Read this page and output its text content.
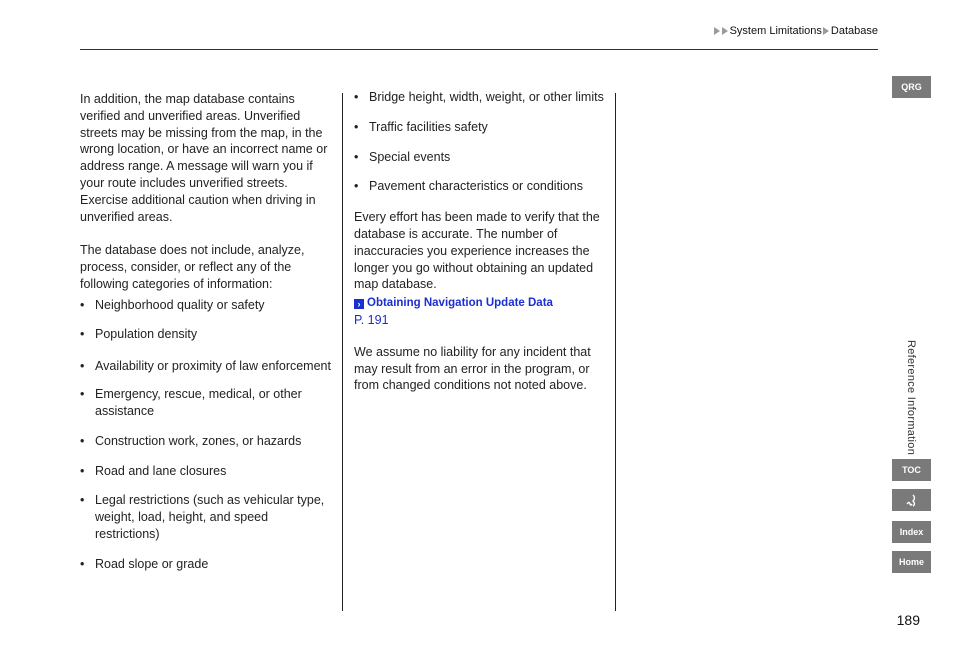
System Limitations Database

In addition, the map database contains verified and unverified areas. Unverified streets may be missing from the map, in the wrong location, or have an incorrect name or address range. A message will warn you if your route includes unverified streets. Exercise additional caution when driving in unverified areas.

The database does not include, analyze, process, consider, or reflect any of the following categories of information:

• Neighborhood quality or safety
• Population density
• Availability or proximity of law enforcement
• Emergency, rescue, medical, or other assistance
• Construction work, zones, or hazards
• Road and lane closures
• Legal restrictions (such as vehicular type, weight, load, height, and speed restrictions)
• Road slope or grade
• Bridge height, width, weight, or other limits
• Traffic facilities safety
• Special events
• Pavement characteristics or conditions

Every effort has been made to verify that the database is accurate. The number of inaccuracies you experience increases the longer you go without obtaining an updated map database.

› Obtaining Navigation Update Data
P. 191

We assume no liability for any incident that may result from an error in the program, or from changed conditions not noted above.

QRG
Reference Information
TOC
Index
Home
189
